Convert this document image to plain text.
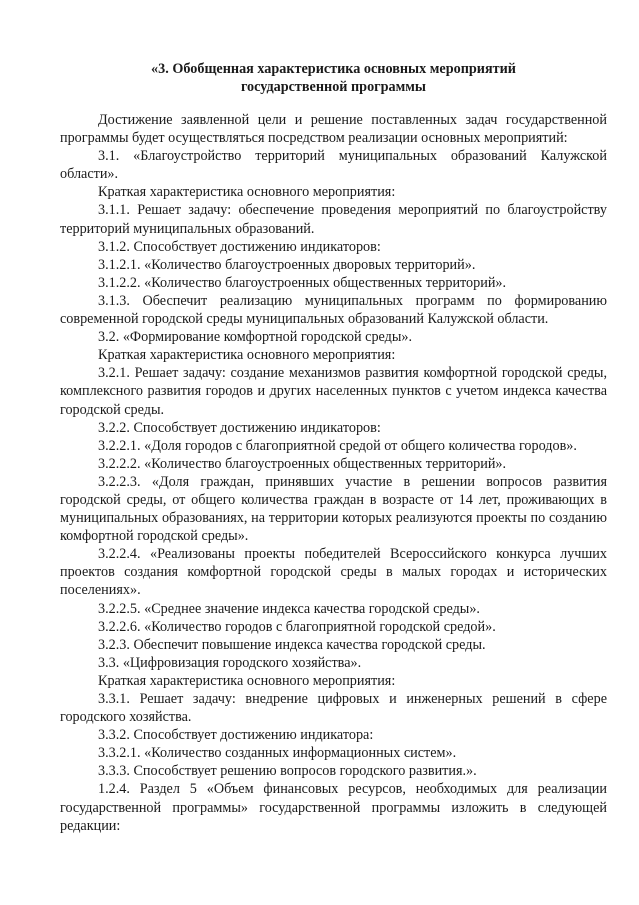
«3. Обобщенная характеристика основных мероприятий
государственной программы

Достижение заявленной цели и решение поставленных задач государственной программы будет осуществляться посредством реализации основных мероприятий:

3.1. «Благоустройство территорий муниципальных образований Калужской области».

Краткая характеристика основного мероприятия:

3.1.1. Решает задачу: обеспечение проведения мероприятий по благоустройству территорий муниципальных образований.

3.1.2. Способствует достижению индикаторов:

3.1.2.1. «Количество благоустроенных дворовых территорий».

3.1.2.2. «Количество благоустроенных общественных территорий».

3.1.3. Обеспечит реализацию муниципальных программ по формированию современной городской среды муниципальных образований Калужской области.

3.2. «Формирование комфортной городской среды».

Краткая характеристика основного мероприятия:

3.2.1. Решает задачу: создание механизмов развития комфортной городской среды, комплексного развития городов и других населенных пунктов с учетом индекса качества городской среды.

3.2.2. Способствует достижению индикаторов:

3.2.2.1. «Доля городов с благоприятной средой от общего количества городов».

3.2.2.2. «Количество благоустроенных общественных территорий».

3.2.2.3. «Доля граждан, принявших участие в решении вопросов развития городской среды, от общего количества граждан в возрасте от 14 лет, проживающих в муниципальных образованиях, на территории которых реализуются проекты по созданию комфортной городской среды».

3.2.2.4. «Реализованы проекты победителей Всероссийского конкурса лучших проектов создания комфортной городской среды в малых городах и исторических поселениях».

3.2.2.5. «Среднее значение индекса качества городской среды».

3.2.2.6. «Количество городов с благоприятной городской средой».

3.2.3. Обеспечит повышение индекса качества городской среды.

3.3. «Цифровизация городского хозяйства».

Краткая характеристика основного мероприятия:

3.3.1. Решает задачу: внедрение цифровых и инженерных решений в сфере городского хозяйства.

3.3.2. Способствует достижению индикатора:

3.3.2.1. «Количество созданных информационных систем».

3.3.3. Способствует решению вопросов городского развития.».

1.2.4. Раздел 5 «Объем финансовых ресурсов, необходимых для реализации государственной программы» государственной программы изложить в следующей редакции:
